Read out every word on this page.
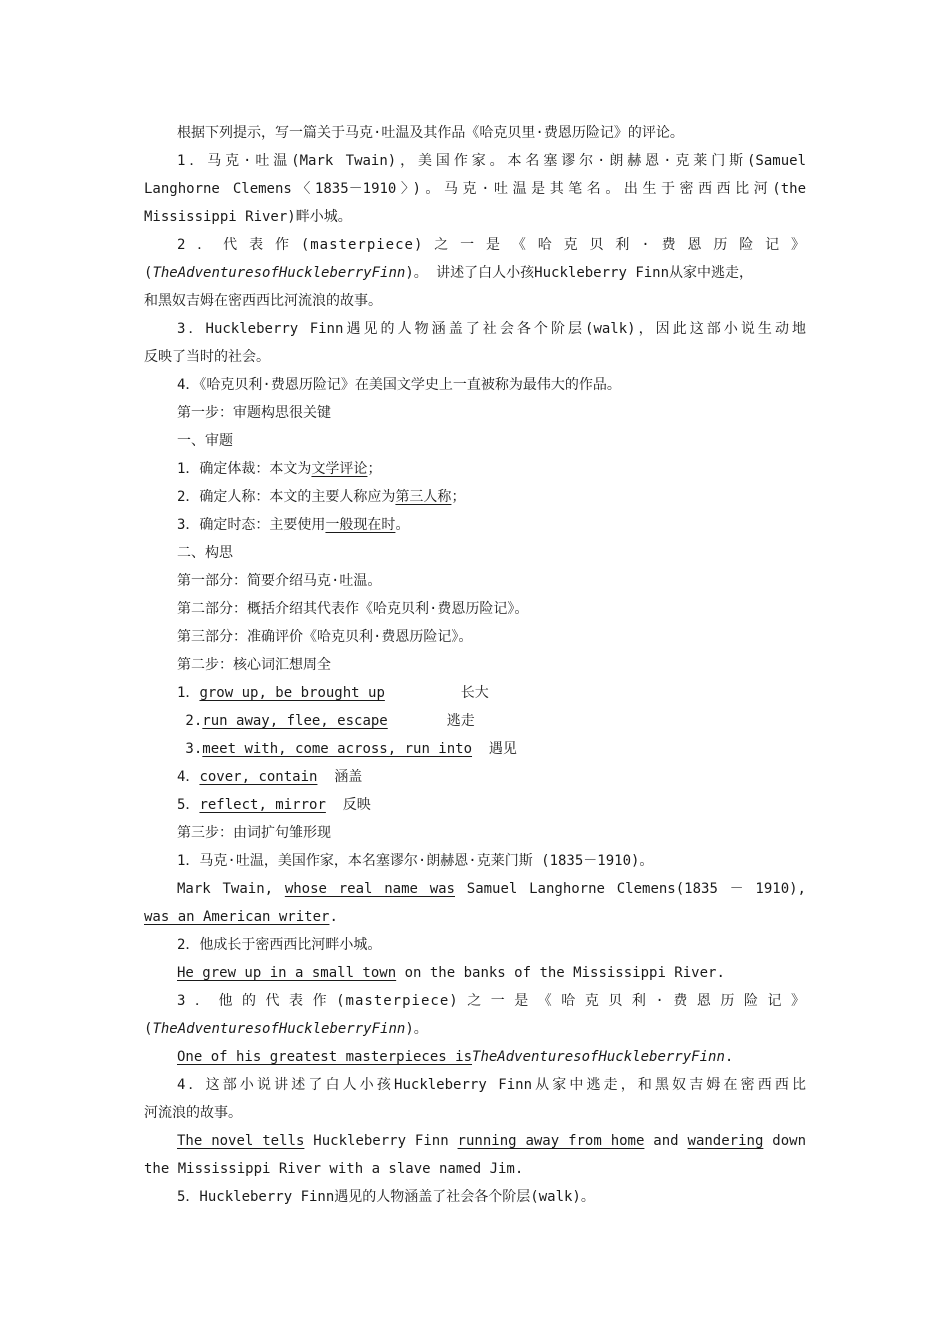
根据下列提示，写一篇关于马克·吐温及其作品《哈克贝里·费恩历险记》的评论。
1．马克·吐温(Mark Twain)，美国作家。本名塞谬尔·朗赫恩·克莱门斯(Samuel
Langhorne Clemens〈1835－1910〉)。马克·吐温是其笔名。出生于密西西比河(the
Mississippi River)畔小城。
2．代表作(masterpiece)之一是《哈克贝利·费恩历险记》
(TheAdventuresofHuckleberryFinn)。 讲述了白人小孩Huckleberry Finn从家中逃走，
和黑奴吉姆在密西西比河流浪的故事。
3．Huckleberry Finn遇见的人物涵盖了社会各个阶层(walk)，因此这部小说生动地
反映了当时的社会。
4．《哈克贝利·费恩历险记》在美国文学史上一直被称为最伟大的作品。
第一步：审题构思很关键
一、审题
1．确定体裁：本文为文学评论；
2．确定人称：本文的主要人称应为第三人称；
3．确定时态：主要使用一般现在时。
二、构思
第一部分：简要介绍马克·吐温。
第二部分：概括介绍其代表作《哈克贝利·费恩历险记》。
第三部分：准确评价《哈克贝利·费恩历险记》。
第二步：核心词汇想周全
1．grow up, be brought up	长大
2.run away, flee, escape	逃走
3.meet with, come across, run into 遇见
4．cover, contain 涵盖
5．reflect, mirror 反映
第三步：由词扩句雏形现
1．马克·吐温，美国作家，本名塞谬尔·朗赫恩·克莱门斯 (1835－1910)。
Mark Twain, whose real name was Samuel Langhorne Clemens(1835 － 1910),
was an American writer.
2．他成长于密西西比河畔小城。
He grew up in a small town on the banks of the Mississippi River.
3．他的代表作(masterpiece)之一是《哈克贝利·费恩历险记》
(TheAdventuresofHuckleberryFinn)。
One of his greatest masterpieces isTheAdventuresofHuckleberryFinn.
4．这部小说讲述了白人小孩Huckleberry Finn从家中逃走，和黑奴吉姆在密西西比
河流浪的故事。
The novel tells Huckleberry Finn running away from home and wandering down
the Mississippi River with a slave named Jim.
5．Huckleberry Finn遇见的人物涵盖了社会各个阶层(walk)。
